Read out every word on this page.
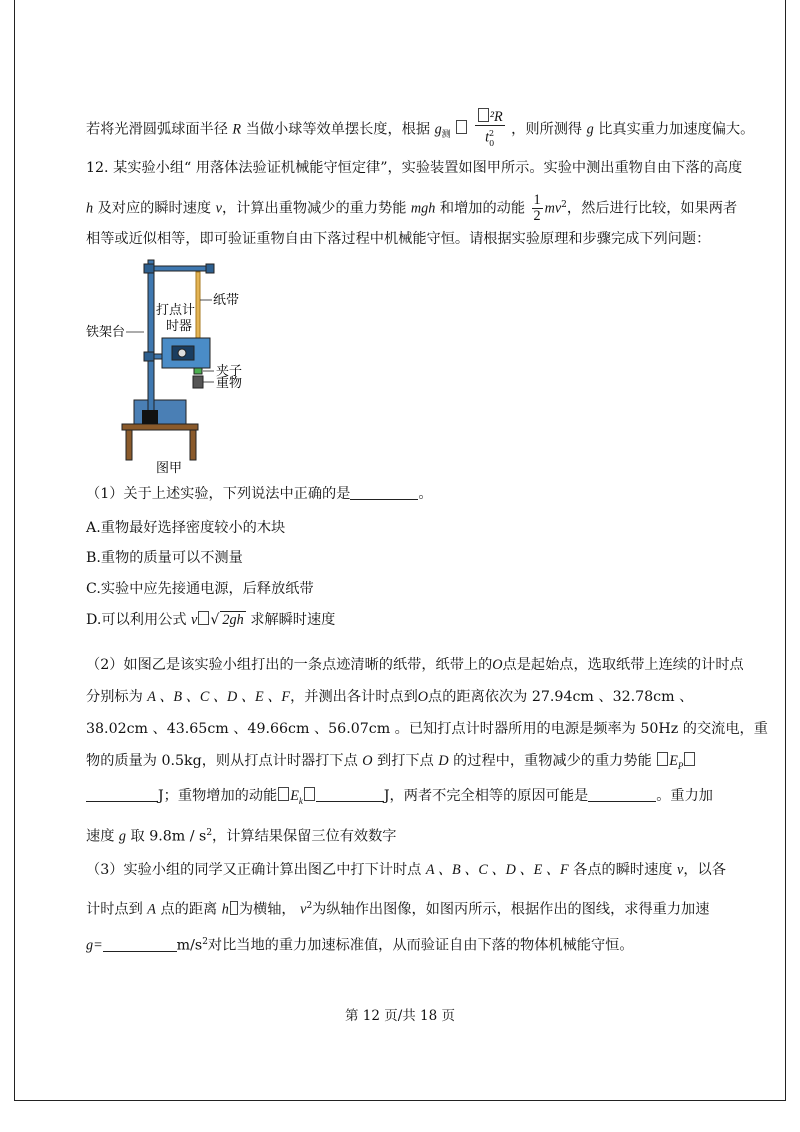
若将光滑圆弧球面半径 R 当做小球等效单摆长度，根据 $g_测 \frac{\text{²R}}{t^2_0}$ ，则所测得 g 比真实重力加速度偏大。
12. 某实验小组“ 用落体法验证机械能守恒定律”，实验装置如图甲所示。实验中测出重物自由下落的高度
h 及对应的瞬时速度 v，计算出重物减少的重力势能 mgh 和增加的动能 $\frac{1}{2} mv^2$，然后进行比较，如果两者
相等或近似相等，即可验证重物自由下落过程中机械能守恒。请根据实验原理和步骤完成下列问题：
纸带
打点计
时器
铁架台
夹子
重物
图甲
（1）关于上述实验，下列说法中正确的是	。
A.重物最好选择密度较小的木块
B.重物的质量可以不测量
C.实验中应先接通电源，后释放纸带
D.可以利用公式 v √ 2gh 求解瞬时速度
（2）如图乙是该实验小组打出的一条点迹清晰的纸带，纸带上的O点是起始点，选取纸带上连续的计时点
分别标为 A 、B 、C 、D 、E 、F，并测出各计时点到O点的距离依次为 27.94cm 、32.78cm 、
38.02cm 、43.65cm 、49.66cm 、56.07cm 。已知打点计时器所用的电源是频率为 50Hz 的交流电，重
物的质量为 0.5kg，则从打点计时器打下点 O 到打下点 D 的过程中，重物减少的重力势能 $E_P$
J；重物增加的动能 $E_k$	J，两者不完全相等的原因可能是	。重力加
速度 g 取 $9.8m / s^2$，计算结果保留三位有效数字
（3）实验小组的同学又正确计算出图乙中打下计时点 A 、B 、C 、D 、E 、F 各点的瞬时速度 v，以各
计时点到 A 点的距离 h 为横轴， $v^2$为纵轴作出图像，如图丙所示，根据作出的图线，求得重力加速
g=	$m/s^2$对比当地的重力加速标准值，从而验证自由下落的物体机械能守恒。
第 12 页/共 18 页
